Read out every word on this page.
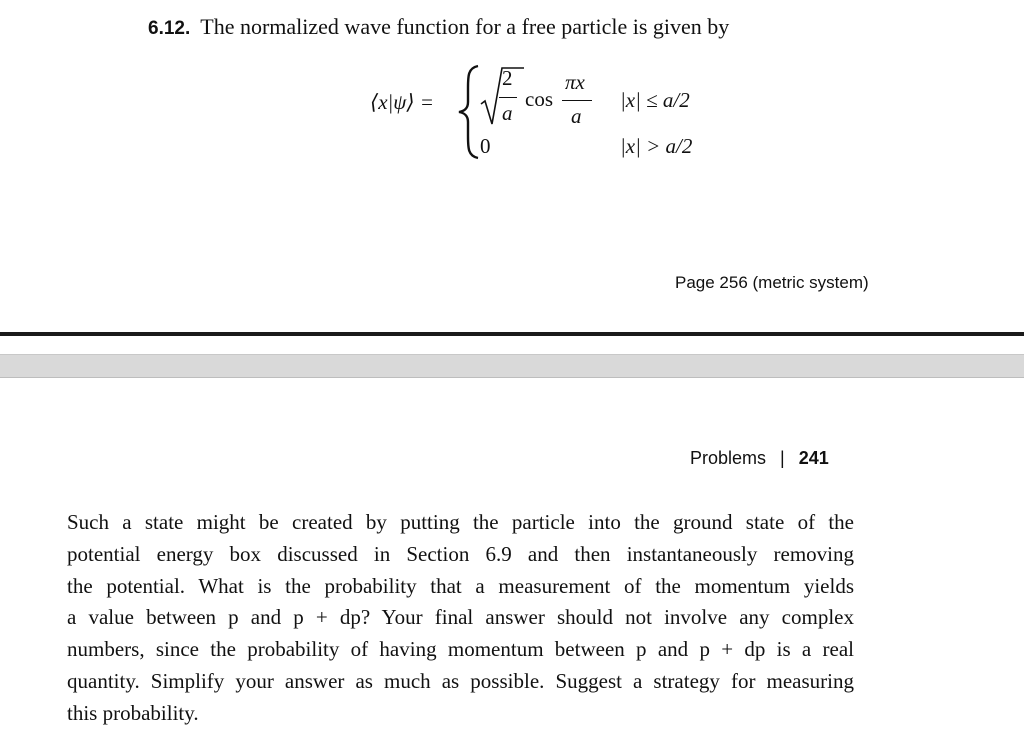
6.12. The normalized wave function for a free particle is given by
⟨x|ψ⟩ =
2
a
cos
πx
a
|x| ≤ a/2
0	|x| > a/2
Page 256 (metric system)
Problems | 241
Such a state might be created by putting the particle into the ground state of the
potential energy box discussed in Section 6.9 and then instantaneously removing
the potential. What is the probability that a measurement of the momentum yields
a value between p and p + dp? Your final answer should not involve any complex
numbers, since the probability of having momentum between p and p + dp is a real
quantity. Simplify your answer as much as possible. Suggest a strategy for measuring
this probability.
